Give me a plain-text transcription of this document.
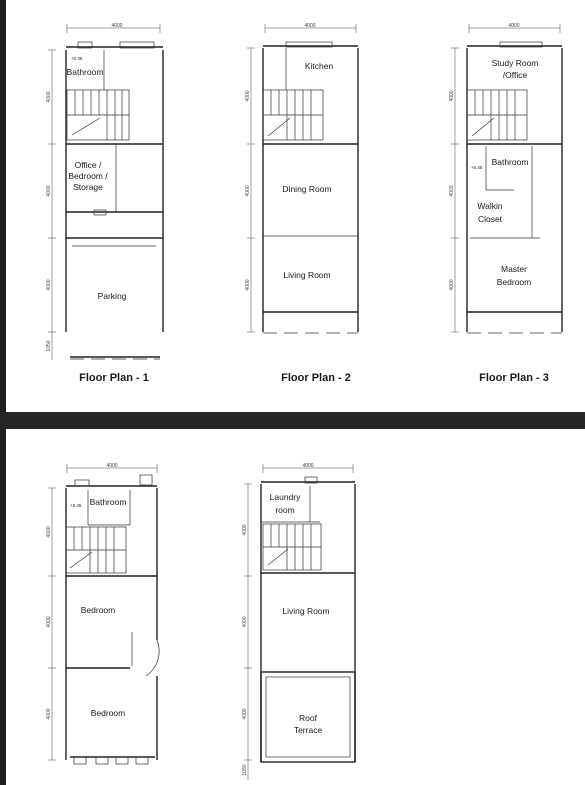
4000
4000
4000
4000
1050
+0.35
Bathroom
Office /
Bedroom /
Storage
Parking
Floor Plan - 1
4000
4000
4000
4000
Kitchen
Dining Room
Living Room
Floor Plan - 2
4000
4000
4000
4000
Study Room
/Office
+6.45
Bathroom
Walkin
Closet
Master
Bedroom
Floor Plan - 3
4000
4000
4000
4000
+9.45 Bathroom
Bedroom
Bedroom
4000
4000
4000
4000
1050
Laundry
room
Living Room
Roof
Terrace
